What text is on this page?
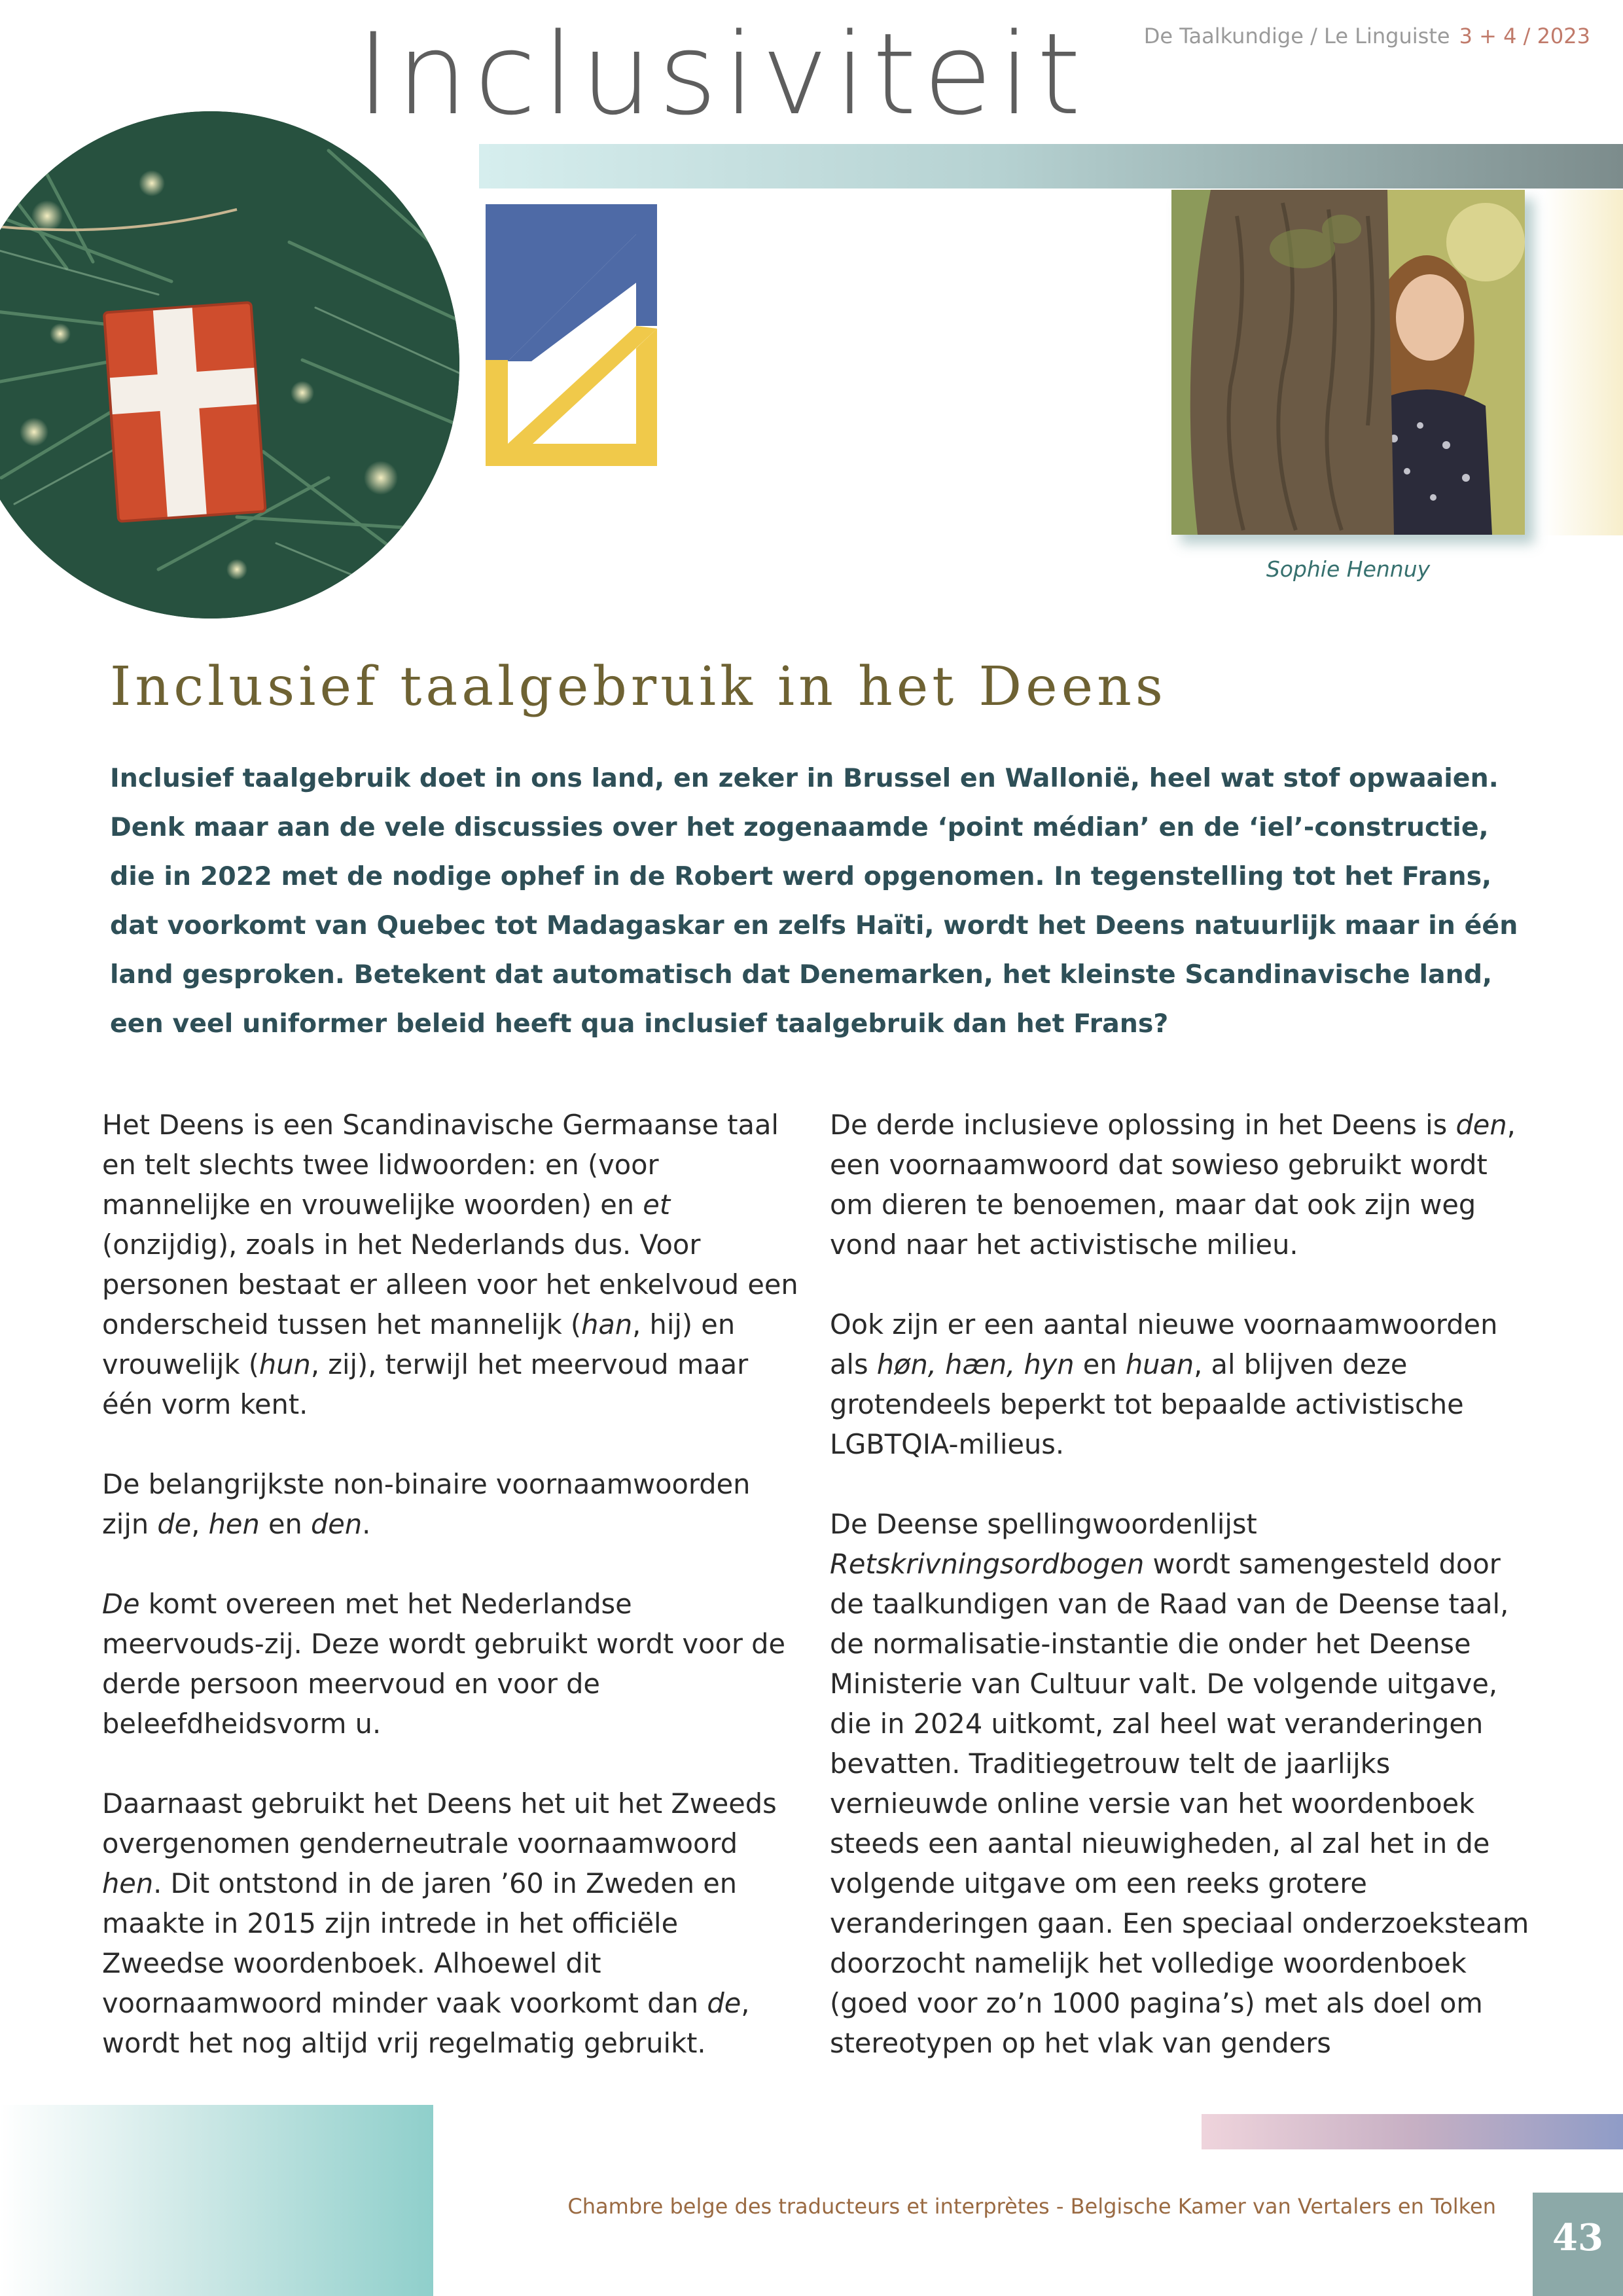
Inclusiviteit	De Taalkundige / Le Linguiste 3 + 4 / 2023
Sophie Hennuy
Inclusief taalgebruik in het Deens

Inclusief taalgebruik doet in ons land, en zeker in Brussel en Wallonië, heel wat stof opwaaien. Denk maar aan de vele discussies over het zogenaamde ‘point médian’ en de ‘iel’-constructie, die in 2022 met de nodige ophef in de Robert werd opgenomen. In tegenstelling tot het Frans, dat voorkomt van Quebec tot Madagaskar en zelfs Haïti, wordt het Deens natuurlijk maar in één land gesproken. Betekent dat automatisch dat Denemarken, het kleinste Scandinavische land, een veel uniformer beleid heeft qua inclusief taalgebruik dan het Frans?

Het Deens is een Scandinavische Germaanse taal en telt slechts twee lidwoorden: en (voor mannelijke en vrouwelijke woorden) en et (onzijdig), zoals in het Nederlands dus. Voor personen bestaat er alleen voor het enkelvoud een onderscheid tussen het mannelijk (han, hij) en vrouwelijk (hun, zij), terwijl het meervoud maar één vorm kent.

De belangrijkste non-binaire voornaamwoorden zijn de, hen en den.

De komt overeen met het Nederlandse meervouds-zij. Deze wordt gebruikt wordt voor de derde persoon meervoud en voor de beleefdheidsvorm u.

Daarnaast gebruikt het Deens het uit het Zweeds overgenomen genderneutrale voornaamwoord hen. Dit ontstond in de jaren ’60 in Zweden en maakte in 2015 zijn intrede in het officiële Zweedse woordenboek. Alhoewel dit voornaamwoord minder vaak voorkomt dan de, wordt het nog altijd vrij regelmatig gebruikt.

De derde inclusieve oplossing in het Deens is den, een voornaamwoord dat sowieso gebruikt wordt om dieren te benoemen, maar dat ook zijn weg vond naar het activistische milieu.

Ook zijn er een aantal nieuwe voornaamwoorden als høn, hæn, hyn en huan, al blijven deze grotendeels beperkt tot bepaalde activistische LGBTQIA-milieus.

De Deense spellingwoordenlijst Retskrivningsordbogen wordt samengesteld door de taalkundigen van de Raad van de Deense taal, de normalisatie-instantie die onder het Deense Ministerie van Cultuur valt. De volgende uitgave, die in 2024 uitkomt, zal heel wat veranderingen bevatten. Traditiegetrouw telt de jaarlijks vernieuwde online versie van het woordenboek steeds een aantal nieuwigheden, al zal het in de volgende uitgave om een reeks grotere veranderingen gaan. Een speciaal onderzoeksteam doorzocht namelijk het volledige woordenboek (goed voor zo’n 1000 pagina’s) met als doel om stereotypen op het vlak van genders

Chambre belge des traducteurs et interprètes - Belgische Kamer van Vertalers en Tolken
43
